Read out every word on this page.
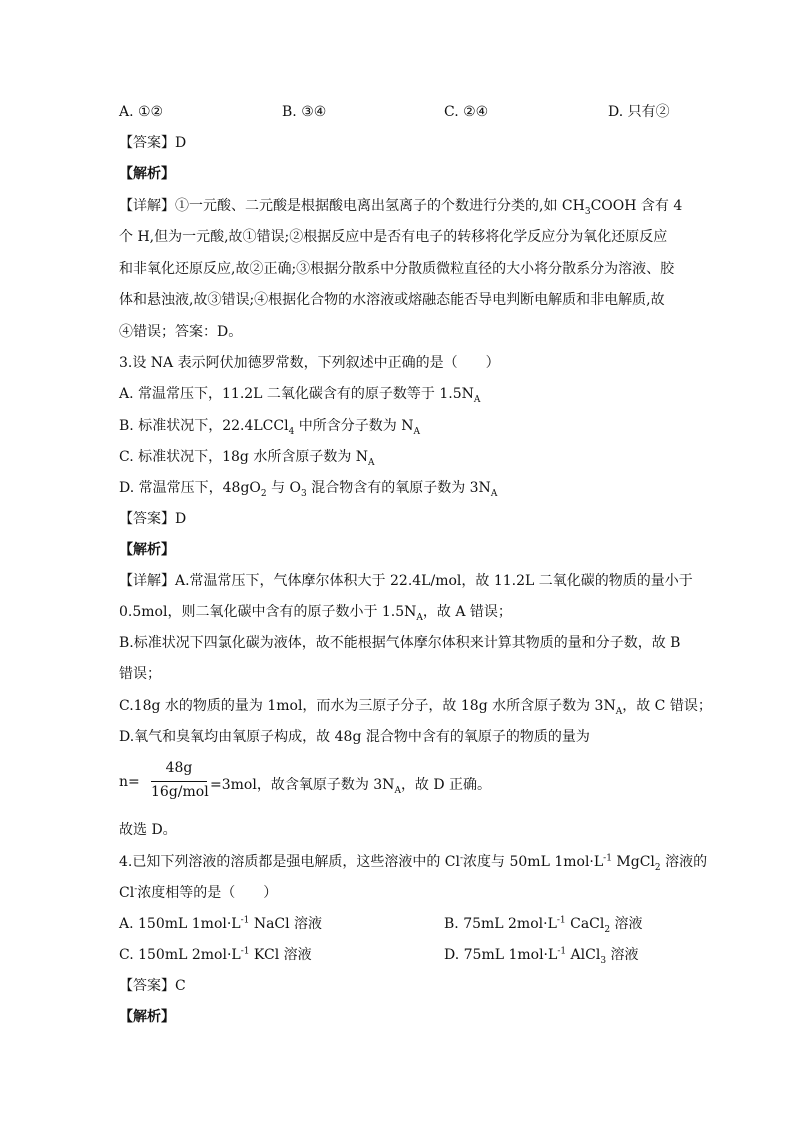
A. ①②	B. ③④	C. ②④	D. 只有②
【答案】D
【解析】
【详解】①一元酸、二元酸是根据酸电离出氢离子的个数进行分类的,如 $CH_3COOH$ 含有 4
个 H,但为一元酸,故①错误;②根据反应中是否有电子的转移将化学反应分为氧化还原反应
和非氧化还原反应,故②正确;③根据分散系中分散质微粒直径的大小将分散系分为溶液、胶
体和悬浊液,故③错误;④根据化合物的水溶液或熔融态能否导电判断电解质和非电解质,故
④错误；答案：D。
3.设 NA 表示阿伏加德罗常数，下列叙述中正确的是（　　）
A. 常温常压下，11.2L 二氧化碳含有的原子数等于 $1.5N_A$
B. 标准状况下，22.4LCCl$_4$ 中所含分子数为 $N_A$
C. 标准状况下，18g 水所含原子数为 $N_A$
D. 常温常压下，$48gO_2$ 与 $O_3$ 混合物含有的氧原子数为 $3N_A$
【答案】D
【解析】
【详解】A.常温常压下，气体摩尔体积大于 22.4L/mol，故 11.2L 二氧化碳的物质的量小于
0.5mol，则二氧化碳中含有的原子数小于 $1.5N_A$，故 A 错误；
B.标准状况下四氯化碳为液体，故不能根据气体摩尔体积来计算其物质的量和分子数，故 B
错误；
C.18g 水的物质的量为 1mol，而水为三原子分子，故 18g 水所含原子数为 $3N_A$，故 C 错误；
D.氧气和臭氧均由氧原子构成，故 48g 混合物中含有的氧原子的物质的量为
n=
48g
16g/mol =3mol，故含氧原子数为 $3N_A$，故 D 正确。
故选 D。
4.已知下列溶液的溶质都是强电解质，这些溶液中的 Cl-浓度与 50mL $1mol\cdot L^{-1}$ MgCl$_2$ 溶液的
Cl-浓度相等的是（　　）
A. 150mL $1mol\cdot L^{-1}$ NaCl 溶液	B. 75mL $2mol\cdot L^{-1}$ CaCl$_2$ 溶液
C. 150mL $2mol\cdot L^{-1}$ KCl 溶液	D. 75mL $1mol\cdot L^{-1}$ AlCl$_3$ 溶液
【答案】C
【解析】
